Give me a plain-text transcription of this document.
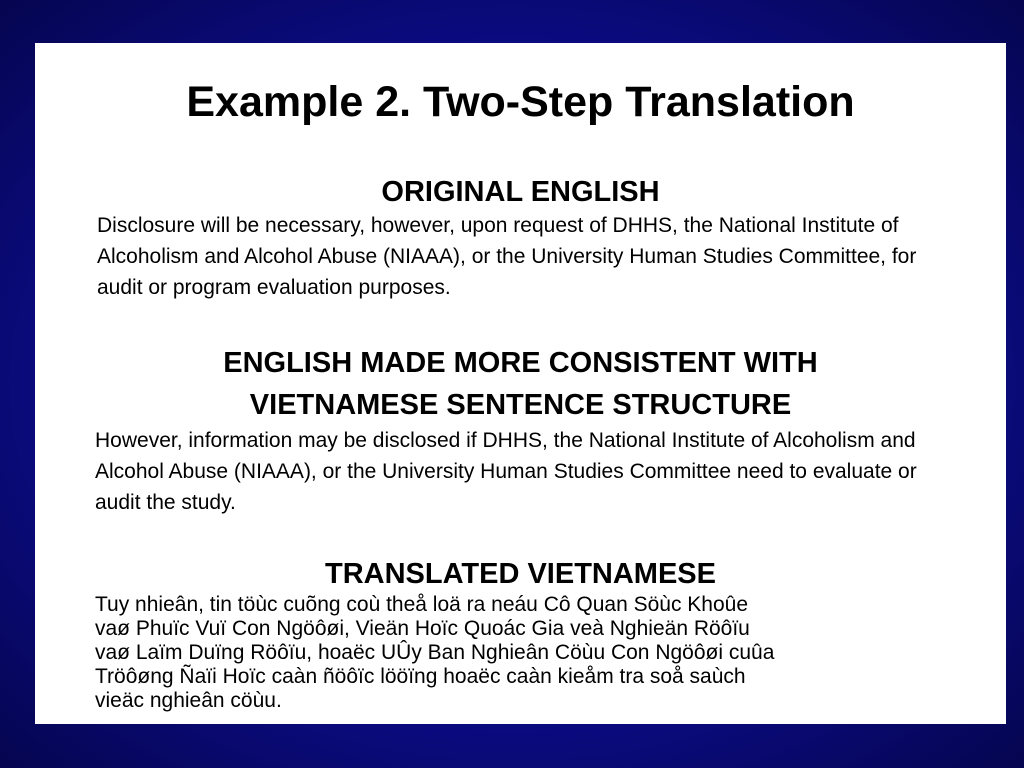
Example 2. Two-Step Translation
ORIGINAL ENGLISH

Disclosure will be necessary, however, upon request of DHHS, the National Institute of Alcoholism and Alcohol Abuse (NIAAA), or the University Human Studies Committee, for audit or program evaluation purposes.

ENGLISH MADE MORE CONSISTENT WITH
VIETNAMESE SENTENCE STRUCTURE

However, information may be disclosed if DHHS, the National Institute of Alcoholism and Alcohol Abuse (NIAAA), or the University Human Studies Committee need to evaluate or audit the study.

TRANSLATED VIETNAMESE

Tuy nhieân, tin töùc cuõng coù theå loä ra neáu Cô Quan Söùc Khoûe

vaø Phuïc Vuï Con Ngöôøi, Vieän Hoïc Quoác Gia veà Nghieän Röôïu

vaø Laïm Duïng Röôïu, hoaëc UÛy Ban Nghieân Cöùu Con Ngöôøi cuûa

Tröôøng Ñaïi Hoïc caàn ñöôïc lööïng hoaëc caàn kieåm tra soå saùch

vieäc nghieân cöùu.
